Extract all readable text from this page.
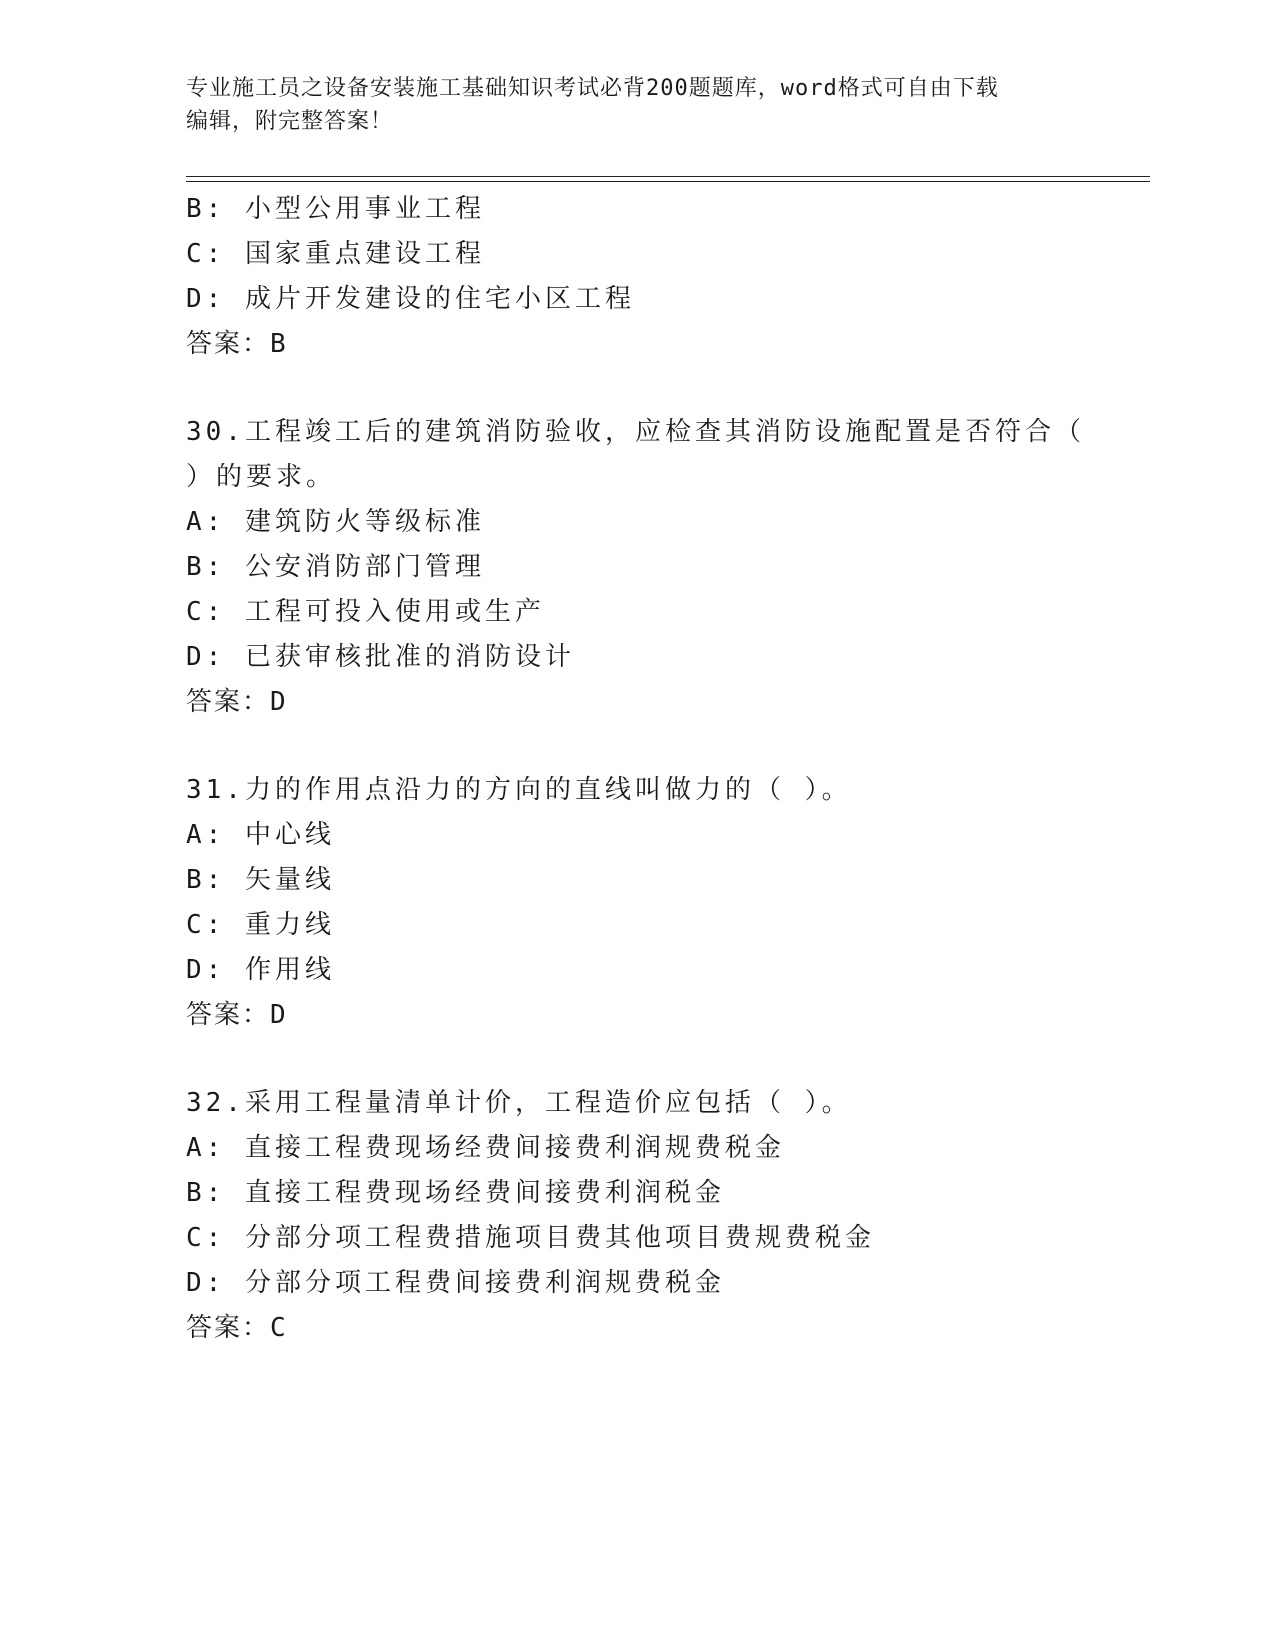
专业施工员之设备安装施工基础知识考试必背200题题库，word格式可自由下载
编辑，附完整答案！
B: 小型公用事业工程
C: 国家重点建设工程
D: 成片开发建设的住宅小区工程
答案：B
30.工程竣工后的建筑消防验收，应检查其消防设施配置是否符合（
）的要求。
A: 建筑防火等级标准
B: 公安消防部门管理
C: 工程可投入使用或生产
D: 已获审核批准的消防设计
答案：D
31.力的作用点沿力的方向的直线叫做力的（ ）。
A: 中心线
B: 矢量线
C: 重力线
D: 作用线
答案：D
32.采用工程量清单计价，工程造价应包括（ ）。
A: 直接工程费现场经费间接费利润规费税金
B: 直接工程费现场经费间接费利润税金
C: 分部分项工程费措施项目费其他项目费规费税金
D: 分部分项工程费间接费利润规费税金
答案：C
